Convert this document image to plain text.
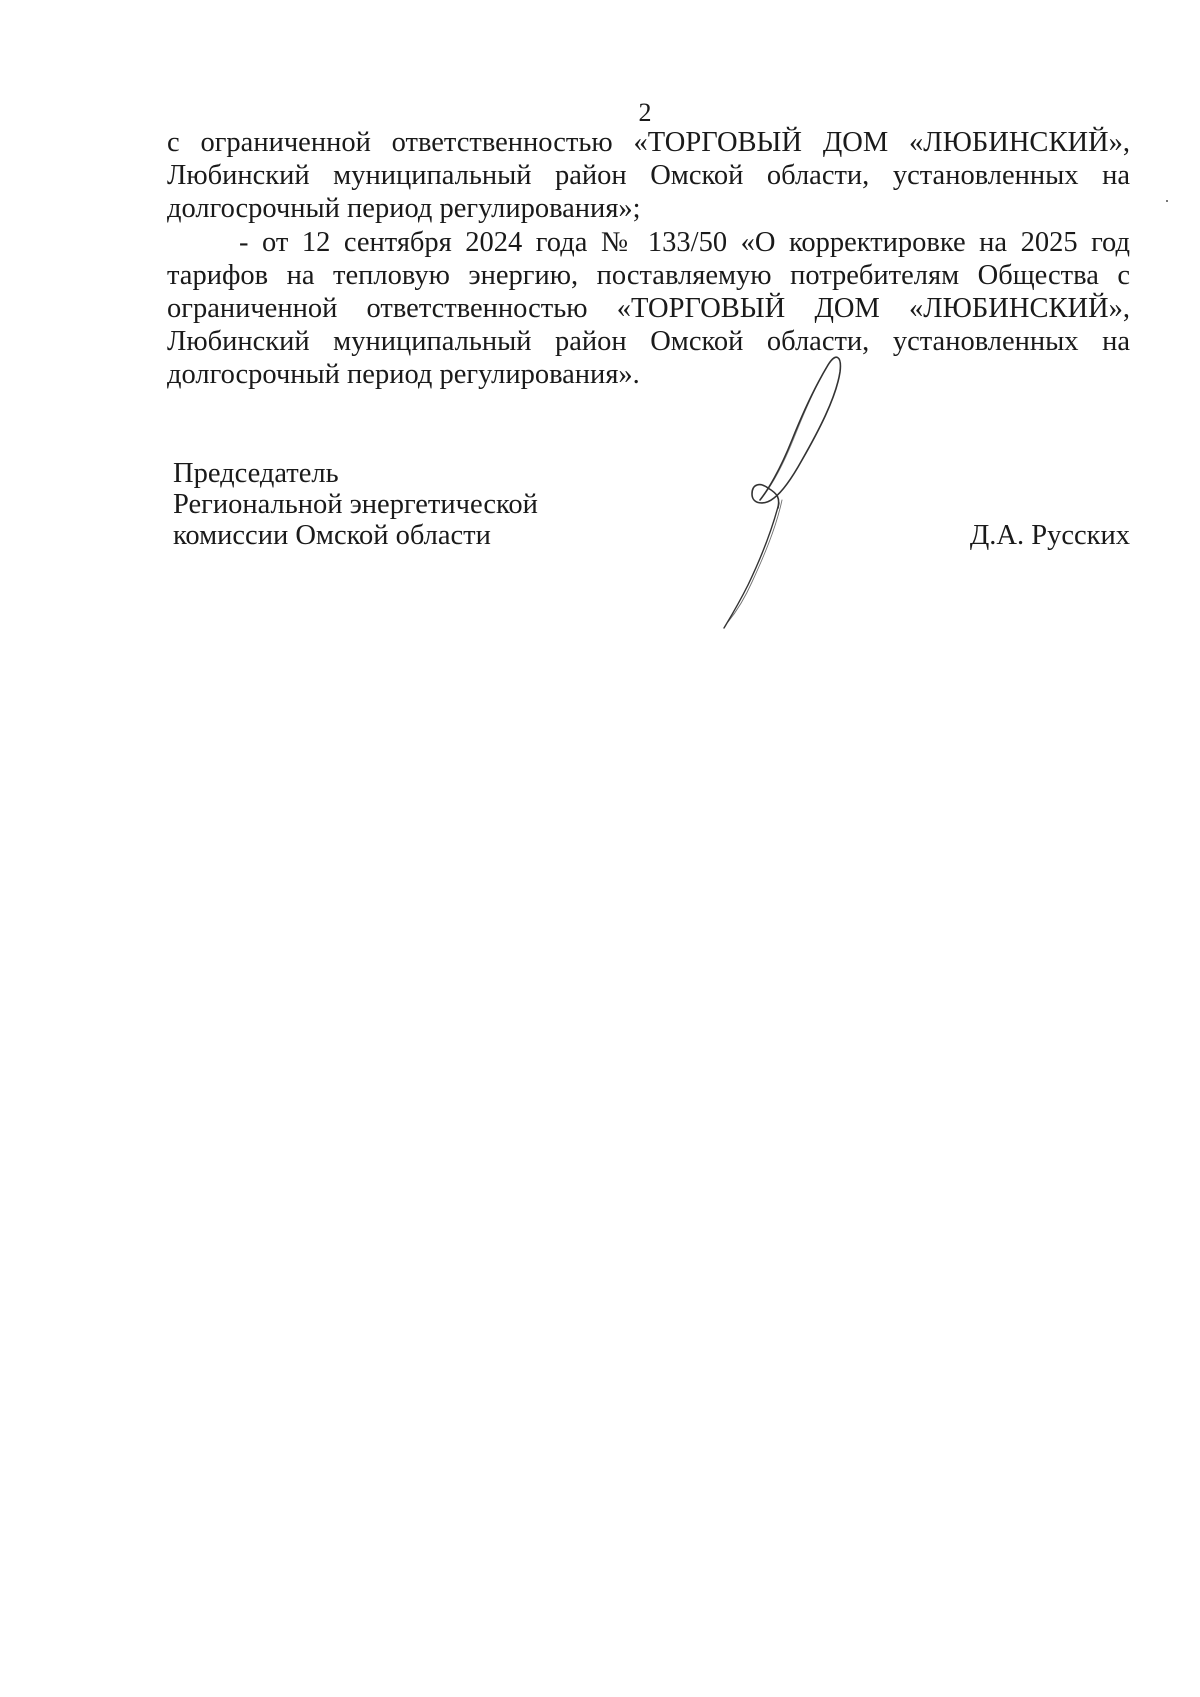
2

с ограниченной ответственностью «ТОРГОВЫЙ ДОМ «ЛЮБИНСКИЙ», Любинский муниципальный район Омской области, установленных на долгосрочный период регулирования»;

- от 12 сентября 2024 года № 133/50 «О корректировке на 2025 год тарифов на тепловую энергию, поставляемую потребителям Общества с ограниченной ответственностью «ТОРГОВЫЙ ДОМ «ЛЮБИНСКИЙ», Любинский муниципальный район Омской области, установленных на долгосрочный период регулирования».

Председатель
Региональной энергетической
комиссии Омской области	Д.А. Русских
